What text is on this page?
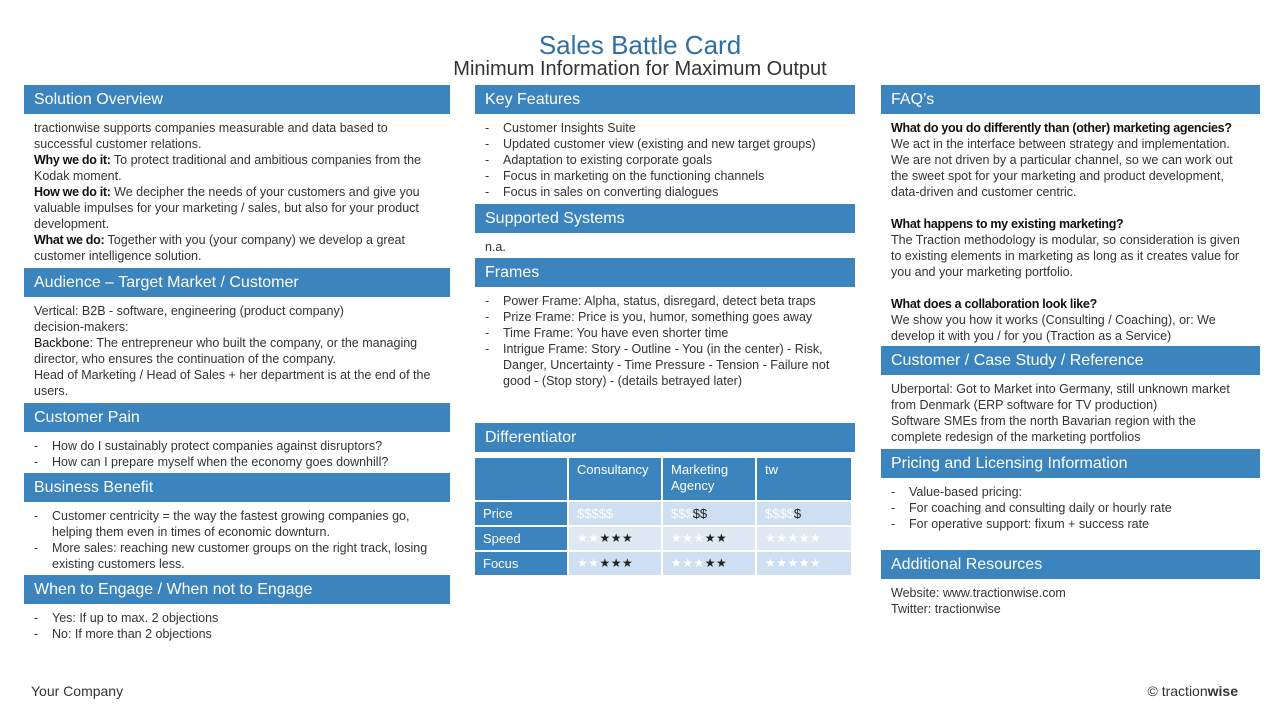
Sales Battle Card
Minimum Information for Maximum Output
Solution Overview

tractionwise supports companies measurable and data based to successful customer relations.

Why we do it: To protect traditional and ambitious companies from the Kodak moment.

How we do it: We decipher the needs of your customers and give you valuable impulses for your marketing / sales, but also for your product development.

What we do: Together with you (your company) we develop a great customer intelligence solution.

Audience – Target Market / Customer

Vertical: B2B - software, engineering (product company)

decision-makers:

Backbone: The entrepreneur who built the company, or the managing director, who ensures the continuation of the company.

Head of Marketing / Head of Sales + her department is at the end of the users.

Customer Pain
- How do I sustainably protect companies against disruptors?
- How can I prepare myself when the economy goes downhill?
Business Benefit
- Customer centricity = the way the fastest growing companies go, helping them even in times of economic downturn.
- More sales: reaching new customer groups on the right track, losing existing customers less.
When to Engage / When not to Engage
- Yes: If up to max. 2 objections
- No: If more than 2 objections
Key Features
- Customer Insights Suite
- Updated customer view (existing and new target groups)
- Adaptation to existing corporate goals
- Focus in marketing on the functioning channels
- Focus in sales on converting dialogues
Supported Systems

n.a.

Frames
- Power Frame: Alpha, status, disregard, detect beta traps
- Prize Frame: Price is you, humor, something goes away
- Time Frame: You have even shorter time
- Intrigue Frame: Story - Outline - You (in the center) - Risk, Danger, Uncertainty - Time Pressure - Tension - Failure not good - (Stop story) - (details betrayed later)
Differentiator
	Consultancy	Marketing Agency	tw
Price	$$$$$	$$$$$	$$$$$
Speed	★★★★★	★★★★★	★★★★★
Focus	★★★★★	★★★★★	★★★★★
FAQ’s

What do you do differently than (other) marketing agencies?

We act in the interface between strategy and implementation. We are not driven by a particular channel, so we can work out the sweet spot for your marketing and product development, data-driven and customer centric.

What happens to my existing marketing?

The Traction methodology is modular, so consideration is given to existing elements in marketing as long as it creates value for you and your marketing portfolio.

What does a collaboration look like?

We show you how it works (Consulting / Coaching), or: We develop it with you / for you (Traction as a Service)

Customer / Case Study / Reference

Uberportal: Got to Market into Germany, still unknown market from Denmark (ERP software for TV production)

Software SMEs from the north Bavarian region with the complete redesign of the marketing portfolios

Pricing and Licensing Information
- Value-based pricing:
- For coaching and consulting daily or hourly rate
- For operative support: fixum + success rate
Additional Resources

Website: www.tractionwise.com

Twitter: tractionwise

Your Company	© tractionwise
